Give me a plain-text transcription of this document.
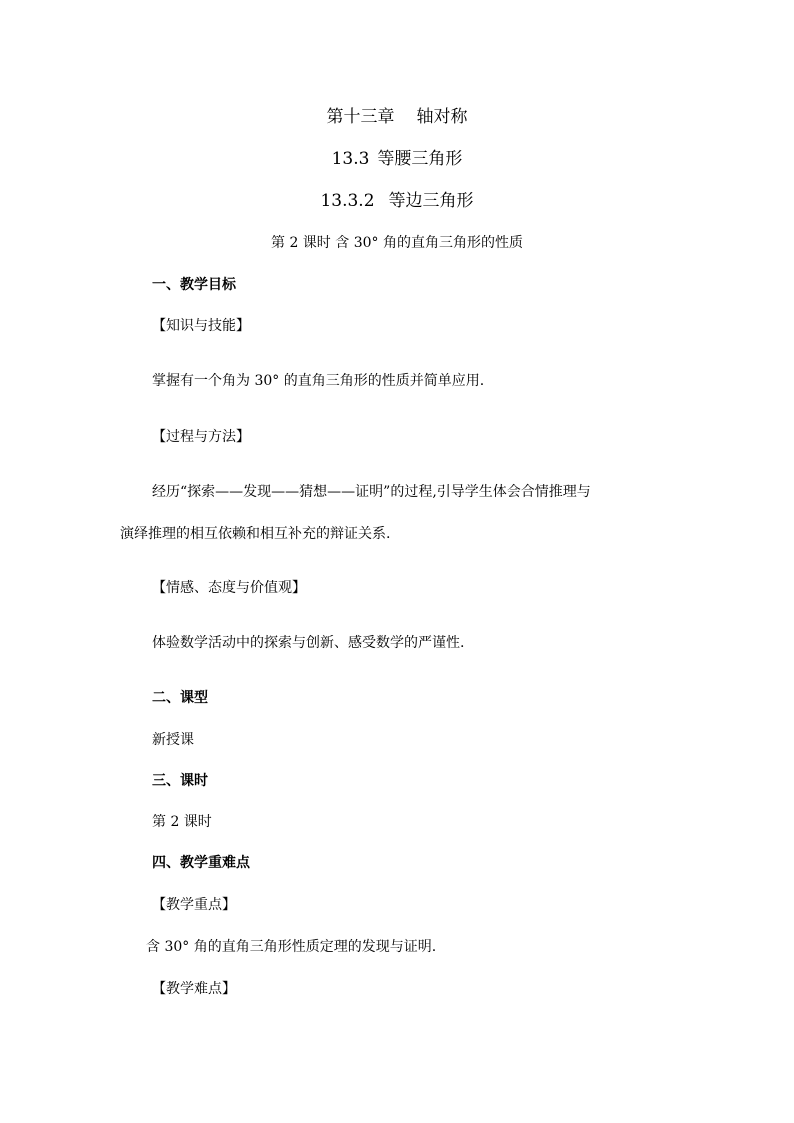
第十三章 轴对称
13.3 等腰三角形
13.3.2 等边三角形
第 2 课时 含 30° 角的直角三角形的性质
一、教学目标
【知识与技能】
掌握有一个角为 30° 的直角三角形的性质并简单应用.
【过程与方法】
经历“探索——发现——猜想——证明”的过程,引导学生体会合情推理与
演绎推理的相互依赖和相互补充的辩证关系.
【情感、态度与价值观】
体验数学活动中的探索与创新、感受数学的严谨性.
二、课型
新授课
三、课时
第 2 课时
四、教学重难点
【教学重点】
含 30° 角的直角三角形性质定理的发现与证明.
【教学难点】
